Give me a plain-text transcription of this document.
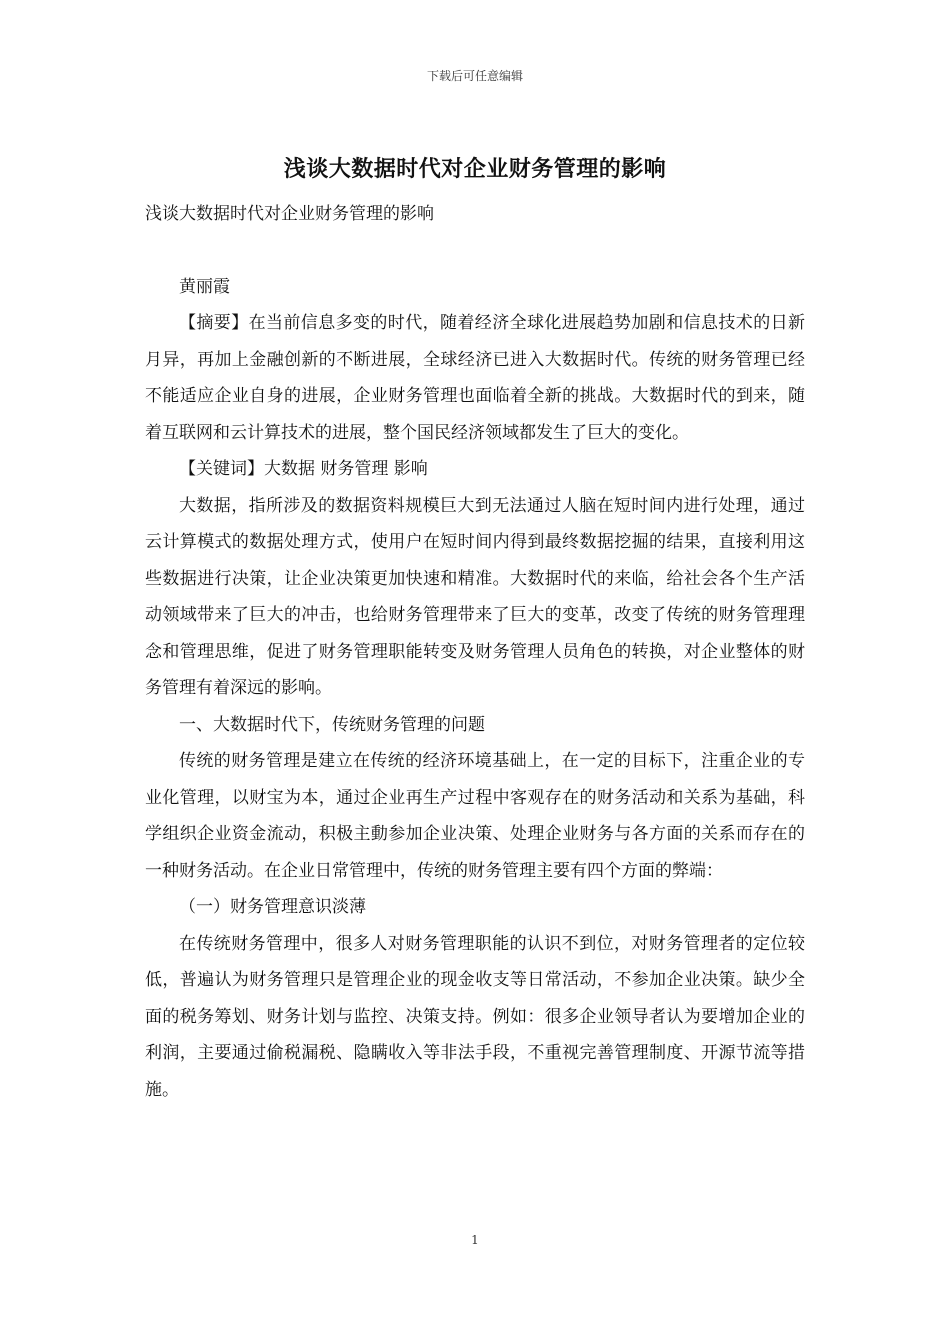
下载后可任意编辑
浅谈大数据时代对企业财务管理的影响

浅谈大数据时代对企业财务管理的影响

黄丽霞

【摘要】在当前信息多变的时代，随着经济全球化进展趋势加剧和信息技术的日新月异，再加上金融创新的不断进展，全球经济已进入大数据时代。传统的财务管理已经不能适应企业自身的进展，企业财务管理也面临着全新的挑战。大数据时代的到来，随着互联网和云计算技术的进展，整个国民经济领域都发生了巨大的变化。

【关键词】大数据 财务管理 影响

大数据，指所涉及的数据资料规模巨大到无法通过人脑在短时间内进行处理，通过云计算模式的数据处理方式，使用户在短时间内得到最终数据挖掘的结果，直接利用这些数据进行决策，让企业决策更加快速和精准。大数据时代的来临，给社会各个生产活动领域带来了巨大的冲击，也给财务管理带来了巨大的变革，改变了传统的财务管理理念和管理思维，促进了财务管理职能转变及财务管理人员角色的转换，对企业整体的财务管理有着深远的影响。

一、大数据时代下，传统财务管理的问题

传统的财务管理是建立在传统的经济环境基础上，在一定的目标下，注重企业的专业化管理，以财宝为本，通过企业再生产过程中客观存在的财务活动和关系为基础，科学组织企业资金流动，积极主動参加企业决策、处理企业财务与各方面的关系而存在的一种财务活动。在企业日常管理中，传统的财务管理主要有四个方面的弊端：

（一）财务管理意识淡薄

在传统财务管理中，很多人对财务管理职能的认识不到位，对财务管理者的定位较低，普遍认为财务管理只是管理企业的现金收支等日常活动，不参加企业决策。缺少全面的税务筹划、财务计划与监控、决策支持。例如：很多企业领导者认为要增加企业的利润，主要通过偷税漏税、隐瞒收入等非法手段，不重视完善管理制度、开源节流等措施。

1
